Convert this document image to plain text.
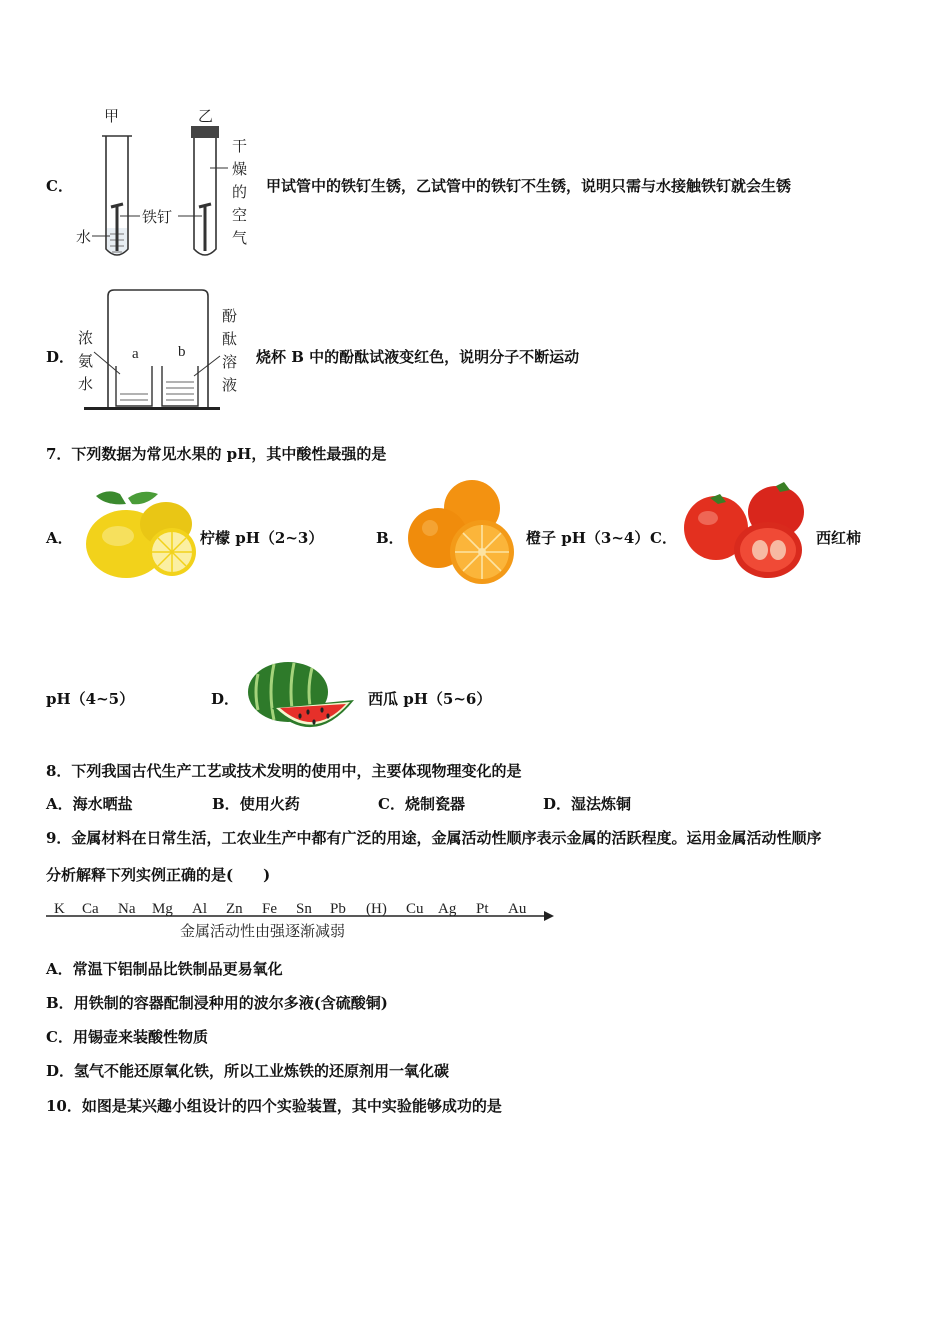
C．
甲	乙
铁钉
水
干
燥
的
空
气
甲试管中的铁钉生锈，乙试管中的铁钉不生锈，说明只需与水接触铁钉就会生锈
D．
浓
氨
水
酚
酞
溶
液
a	b	烧杯 B 中的酚酞试液变红色，说明分子不断运动
7．下列数据为常见水果的 pH，其中酸性最强的是
A．	柠檬 pH（2~3）	B．	橙子 pH（3~4） C．	西红柿
pH（4~5）	D．	西瓜 pH（5~6）
8．下列我国古代生产工艺或技术发明的使用中，主要体现物理变化的是
A．海水晒盐	B．使用火药	C．烧制瓷器	D．湿法炼铜
9．金属材料在日常生活，工农业生产中都有广泛的用途，金属活动性顺序表示金属的活跃程度。运用金属活动性顺序
分析解释下列实例正确的是(　　)
K Ca Na Mg Al Zn Fe Sn Pb (H) Cu Ag Pt Au
金属活动性由强逐渐减弱
A．常温下铝制品比铁制品更易氧化
B．用铁制的容器配制浸种用的波尔多液(含硫酸铜)
C．用锡壶来装酸性物质
D．氢气不能还原氧化铁，所以工业炼铁的还原剂用一氧化碳
10．如图是某兴趣小组设计的四个实验装置，其中实验能够成功的是
